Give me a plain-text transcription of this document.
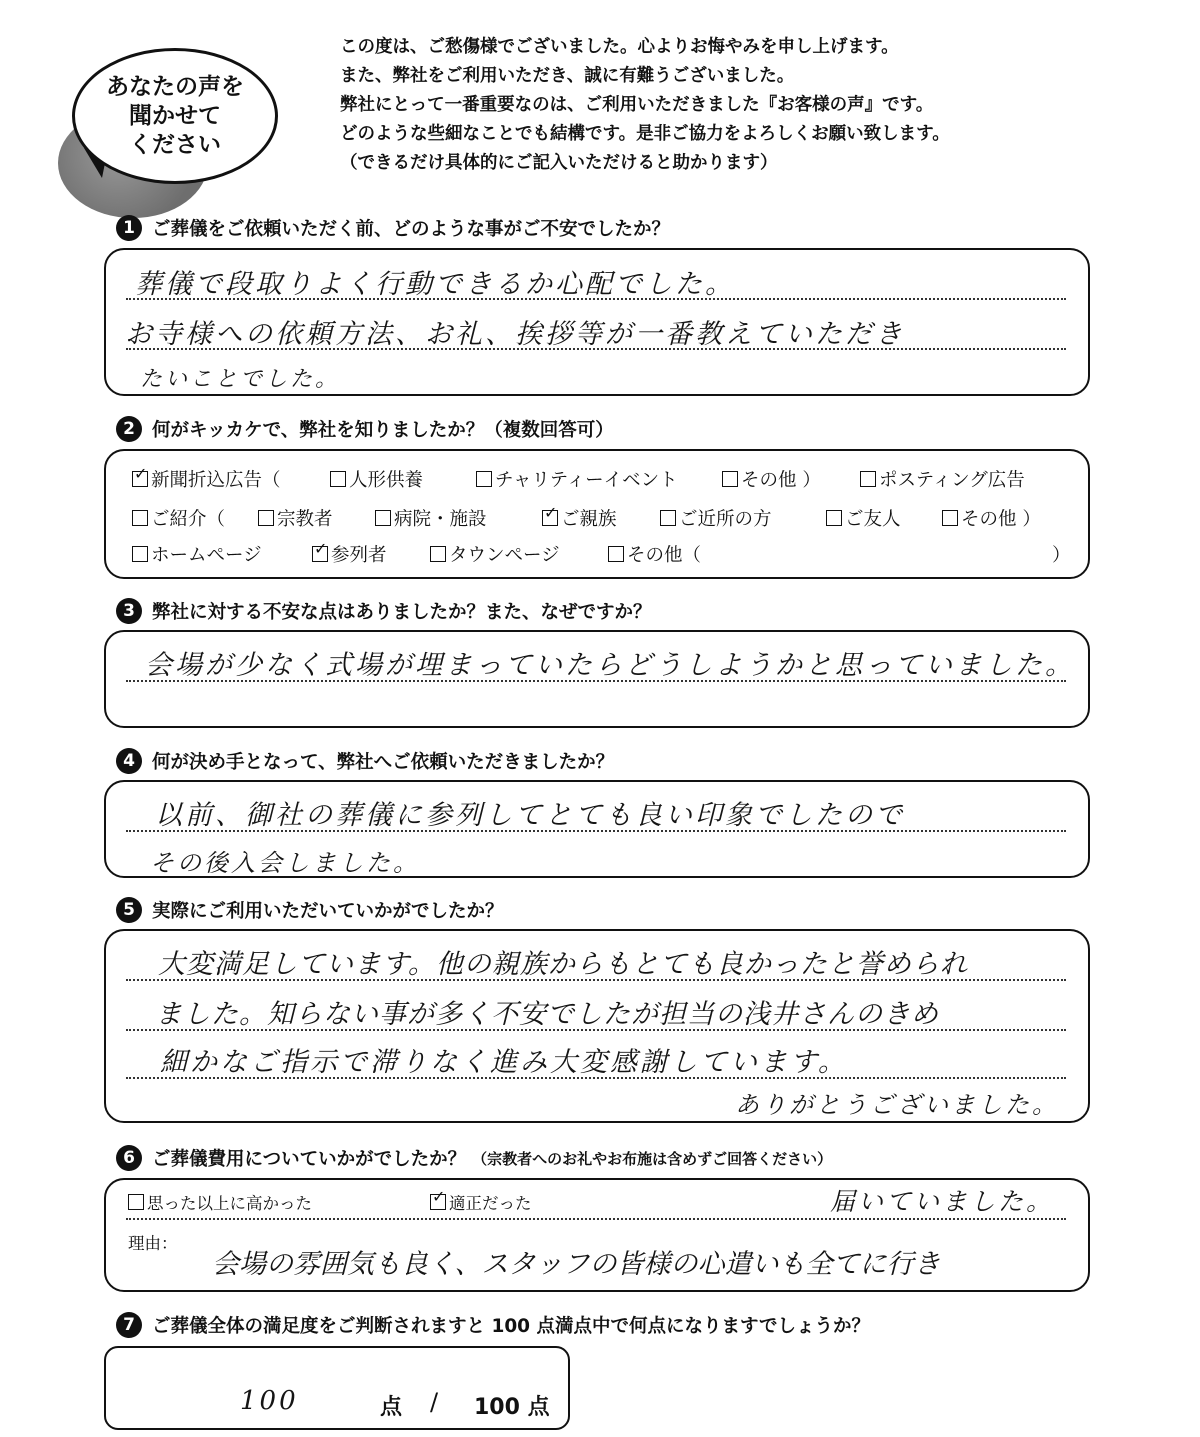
あなたの声を
聞かせて
ください
この度は、ご愁傷様でございました。心よりお悔やみを申し上げます。
また、弊社をご利用いただき、誠に有難うございました。
弊社にとって一番重要なのは、ご利用いただきました『お客様の声』です。
どのような些細なことでも結構です。是非ご協力をよろしくお願い致します。
（できるだけ具体的にご記入いただけると助かります）
1 ご葬儀をご依頼いただく前、どのような事がご不安でしたか？
葬儀で段取りよく行動できるか心配でした。
お寺様への依頼方法、お礼、挨拶等が一番教えていただき
たいことでした。
2 何がキッカケで、弊社を知りましたか？（複数回答可）
✓新聞折込広告（	人形供養	チャリティーイベント	その他 ）	ポスティング広告
ご紹介（	宗教者	病院・施設 ✓	ご親族	ご近所の方	ご友人	その他 ）
ホームページ ✓	参列者	タウンページ	その他（	）
3 弊社に対する不安な点はありましたか？また、なぜですか？
会場が少なく式場が埋まっていたらどうしようかと思っていました。
4 何が決め手となって、弊社へご依頼いただきましたか？
以前、御社の葬儀に参列してとても良い印象でしたので
その後入会しました。
5 実際にご利用いただいていかがでしたか？
大変満足しています。他の親族からもとても良かったと誉められ
ました。知らない事が多く不安でしたが担当の浅井さんのきめ
細かなご指示で滞りなく進み大変感謝しています。
ありがとうございました。
6 ご葬儀費用についていかがでしたか？ （宗教者へのお礼やお布施は含めずご回答ください）
思った以上に高かった ✓	適正だった	届いていました。
理由：
会場の雰囲気も良く、スタッフの皆様の心遣いも全てに行き
7 ご葬儀全体の満足度をご判断されますと 100 点満点中で何点になりますでしょうか？
100	点 / 100 点
